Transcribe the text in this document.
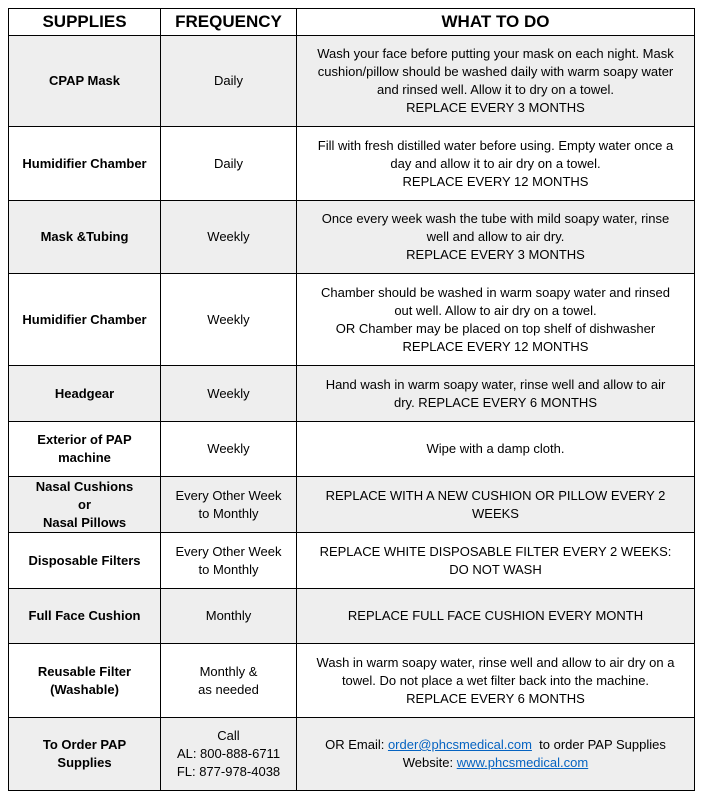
SUPPLIES	FREQUENCY	WHAT TO DO

CPAP Mask	Daily	Wash your face before putting your mask on each night. Mask
cushion/pillow should be washed daily with warm soapy water
and rinsed well. Allow it to dry on a towel.
REPLACE EVERY 3 MONTHS

Humidifier Chamber	Daily	Fill with fresh distilled water before using. Empty water once a
day and allow it to air dry on a towel.
REPLACE EVERY 12 MONTHS

Mask &Tubing	Weekly	Once every week wash the tube with mild soapy water, rinse
well and allow to air dry.
REPLACE EVERY 3 MONTHS

Humidifier Chamber	Weekly	Chamber should be washed in warm soapy water and rinsed
out well. Allow to air dry on a towel.
OR Chamber may be placed on top shelf of dishwasher
REPLACE EVERY 12 MONTHS

Headgear	Weekly	Hand wash in warm soapy water, rinse well and allow to air
dry. REPLACE EVERY 6 MONTHS

Exterior of PAP
machine	Weekly	Wipe with a damp cloth.

Nasal Cushions
or
Nasal Pillows	Every Other Week
to Monthly	REPLACE WITH A NEW CUSHION OR PILLOW EVERY 2 WEEKS

Disposable Filters	Every Other Week
to Monthly	REPLACE WHITE DISPOSABLE FILTER EVERY 2 WEEKS:
DO NOT WASH

Full Face Cushion	Monthly	REPLACE FULL FACE CUSHION EVERY MONTH

Reusable Filter
(Washable)	Monthly &
as needed	Wash in warm soapy water, rinse well and allow to air dry on a
towel. Do not place a wet filter back into the machine.
REPLACE EVERY 6 MONTHS

To Order PAP
Supplies	Call
AL: 800-888-6711
FL: 877-978-4038	OR Email: order@phcsmedical.com  to order PAP Supplies
Website: www.phcsmedical.com
